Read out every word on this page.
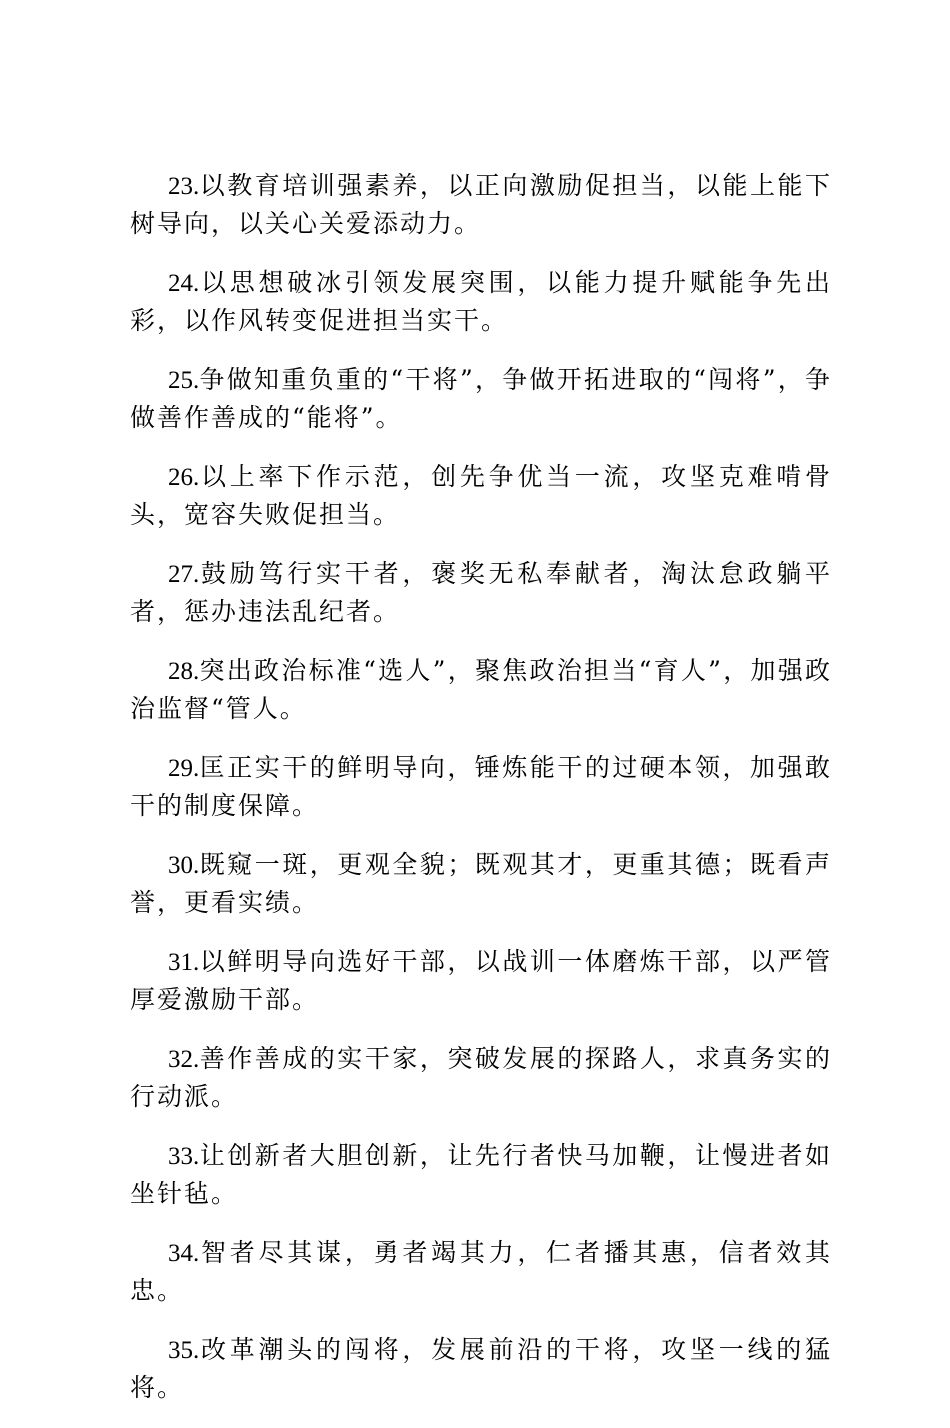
23.以教育培训强素养，以正向激励促担当，以能上能下树导向，以关心关爱添动力。

24.以思想破冰引领发展突围，以能力提升赋能争先出彩，以作风转变促进担当实干。

25.争做知重负重的“干将”，争做开拓进取的“闯将”，争做善作善成的“能将”。

26.以上率下作示范，创先争优当一流，攻坚克难啃骨头，宽容失败促担当。

27.鼓励笃行实干者，褒奖无私奉献者，淘汰怠政躺平者，惩办违法乱纪者。

28.突出政治标准“选人”，聚焦政治担当“育人”，加强政治监督“管人。

29.匡正实干的鲜明导向，锤炼能干的过硬本领，加强敢干的制度保障。

30.既窥一斑，更观全貌；既观其才，更重其德；既看声誉，更看实绩。

31.以鲜明导向选好干部，以战训一体磨炼干部，以严管厚爱激励干部。

32.善作善成的实干家，突破发展的探路人，求真务实的行动派。

33.让创新者大胆创新，让先行者快马加鞭，让慢进者如坐针毡。

34.智者尽其谋，勇者竭其力，仁者播其惠，信者效其忠。

35.改革潮头的闯将，发展前沿的干将，攻坚一线的猛将。
